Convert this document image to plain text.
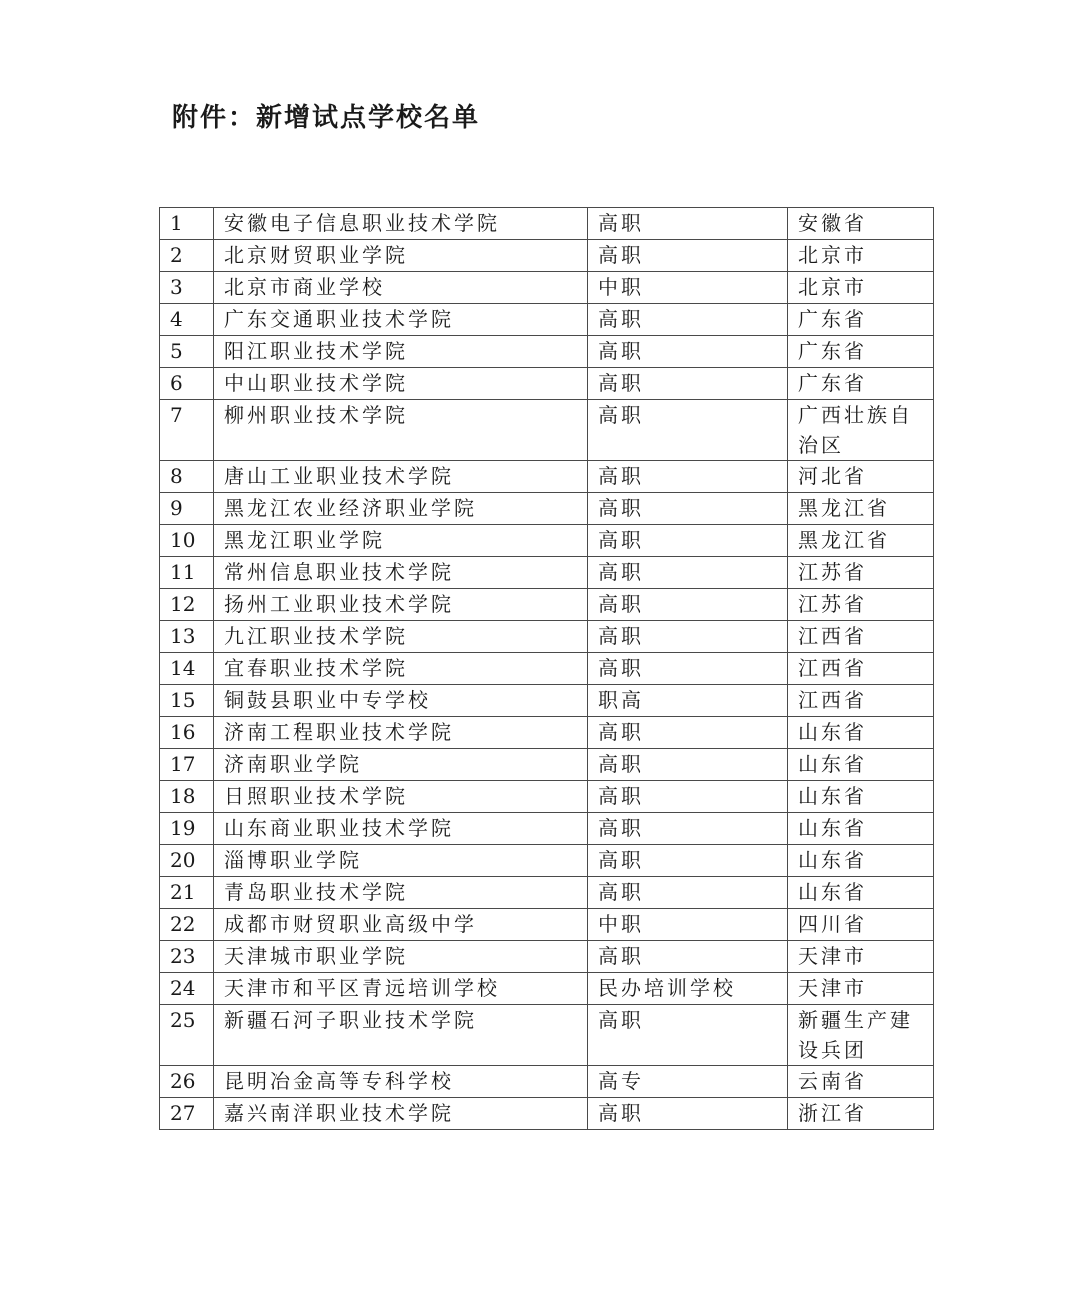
附件：新增试点学校名单
1	安徽电子信息职业技术学院	高职	安徽省
2	北京财贸职业学院	高职	北京市
3	北京市商业学校	中职	北京市
4	广东交通职业技术学院	高职	广东省
5	阳江职业技术学院	高职	广东省
6	中山职业技术学院	高职	广东省
7	柳州职业技术学院	高职	广西壮族自治区
8	唐山工业职业技术学院	高职	河北省
9	黑龙江农业经济职业学院	高职	黑龙江省
10	黑龙江职业学院	高职	黑龙江省
11	常州信息职业技术学院	高职	江苏省
12	扬州工业职业技术学院	高职	江苏省
13	九江职业技术学院	高职	江西省
14	宜春职业技术学院	高职	江西省
15	铜鼓县职业中专学校	职高	江西省
16	济南工程职业技术学院	高职	山东省
17	济南职业学院	高职	山东省
18	日照职业技术学院	高职	山东省
19	山东商业职业技术学院	高职	山东省
20	淄博职业学院	高职	山东省
21	青岛职业技术学院	高职	山东省
22	成都市财贸职业高级中学	中职	四川省
23	天津城市职业学院	高职	天津市
24	天津市和平区青远培训学校	民办培训学校	天津市
25	新疆石河子职业技术学院	高职	新疆生产建设兵团
26	昆明冶金高等专科学校	高专	云南省
27	嘉兴南洋职业技术学院	高职	浙江省
